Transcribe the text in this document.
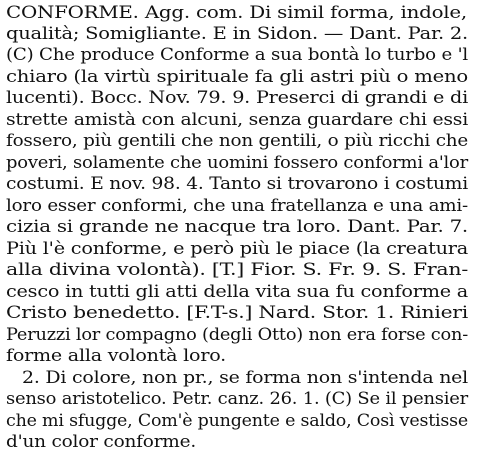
CONFORME. Agg. com. Di simil forma, indole,
qualità; Somigliante. E in Sidon. — Dant. Par. 2.
(C) Che produce Conforme a sua bontà lo turbo e 'l
chiaro (la virtù spirituale fa gli astri più o meno
lucenti). Bocc. Nov. 79. 9. Preserci di grandi e di
strette amistà con alcuni, senza guardare chi essi
fossero, più gentili che non gentili, o più ricchi che
poveri, solamente che uomini fossero conformi a'lor
costumi. E nov. 98. 4. Tanto si trovarono i costumi
loro esser conformi, che una fratellanza e una ami-
cizia si grande ne nacque tra loro. Dant. Par. 7.
Più l'è conforme, e però più le piace (la creatura
alla divina volontà). [T.] Fior. S. Fr. 9. S. Fran-
cesco in tutti gli atti della vita sua fu conforme a
Cristo benedetto. [F.T-s.] Nard. Stor. 1. Rinieri
Peruzzi lor compagno (degli Otto) non era forse con-
forme alla volontà loro.
2. Di colore, non pr., se forma non s'intenda nel
senso aristotelico. Petr. canz. 26. 1. (C) Se il pensier
che mi sfugge, Com'è pungente e saldo, Così vestisse
d'un color conforme.
